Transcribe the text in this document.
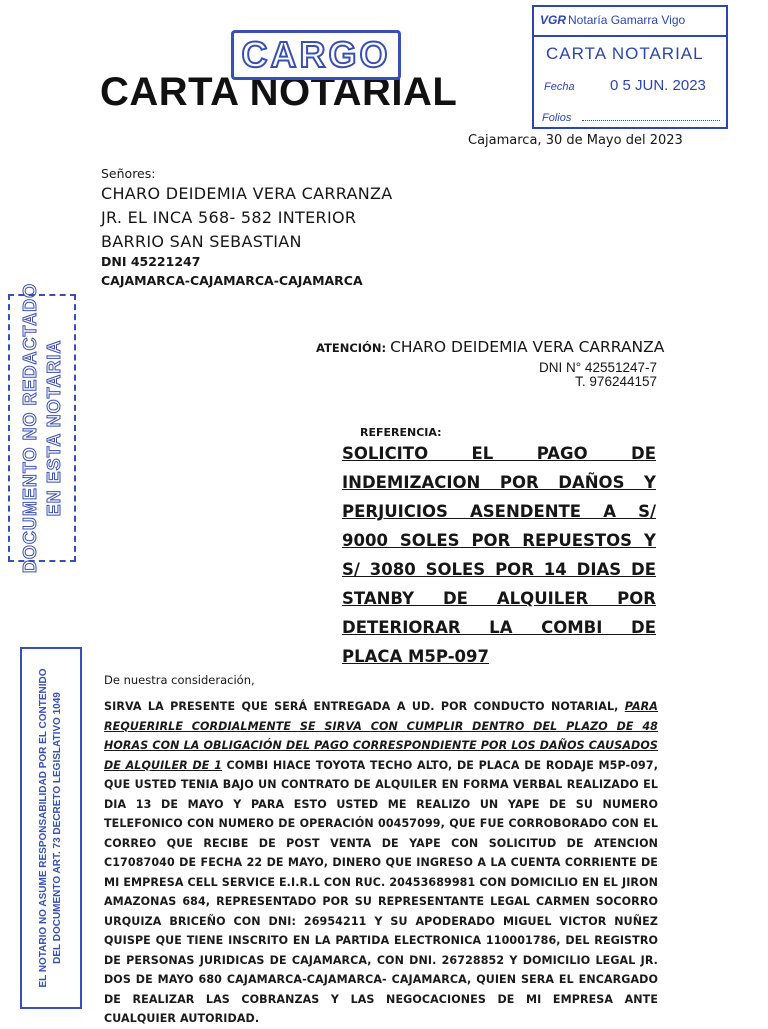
CARTA NOTARIAL
CARGO
VGR Notaría Gamarra Vigo
CARTA NOTARIAL
Fecha 0 5 JUN. 2023
Folios
Cajamarca, 30 de Mayo del 2023
Señores:
CHARO DEIDEMIA VERA CARRANZA
JR. EL INCA 568- 582 INTERIOR
BARRIO SAN SEBASTIAN
DNI 45221247
CAJAMARCA-CAJAMARCA-CAJAMARCA
ATENCIÓN: CHARO DEIDEMIA VERA CARRANZA
DNI N° 42551247-7
T. 976244157
REFERENCIA:
SOLICITO EL PAGO DE
INDEMIZACION POR DAÑOS Y
PERJUICIOS ASENDENTE A S/
9000 SOLES POR REPUESTOS Y
S/ 3080 SOLES POR 14 DIAS DE
STANBY DE ALQUILER POR
DETERIORAR LA COMBI DE
PLACA M5P-097
De nuestra consideración,
SIRVA LA PRESENTE QUE SERÁ ENTREGADA A UD. POR CONDUCTO NOTARIAL, PARA REQUERIRLE CORDIALMENTE SE SIRVA CON CUMPLIR DENTRO DEL PLAZO DE 48 HORAS CON LA OBLIGACIÓN DEL PAGO CORRESPONDIENTE POR LOS DAÑOS CAUSADOS DE ALQUILER DE 1 COMBI HIACE TOYOTA TECHO ALTO, DE PLACA DE RODAJE M5P-097, QUE USTED TENIA BAJO UN CONTRATO DE ALQUILER EN FORMA VERBAL REALIZADO EL DIA 13 DE MAYO Y PARA ESTO USTED ME REALIZO UN YAPE DE SU NUMERO TELEFONICO CON NUMERO DE OPERACIÓN 00457099, QUE FUE CORROBORADO CON EL CORREO QUE RECIBE DE POST VENTA DE YAPE CON SOLICITUD DE ATENCION C17087040 DE FECHA 22 DE MAYO, DINERO QUE INGRESO A LA CUENTA CORRIENTE DE MI EMPRESA CELL SERVICE E.I.R.L CON RUC. 20453689981 CON DOMICILIO EN EL JIRON AMAZONAS 684, REPRESENTADO POR SU REPRESENTANTE LEGAL CARMEN SOCORRO URQUIZA BRICEÑO CON DNI: 26954211 Y SU APODERADO MIGUEL VICTOR NUÑEZ QUISPE QUE TIENE INSCRITO EN LA PARTIDA ELECTRONICA 110001786, DEL REGISTRO DE PERSONAS JURIDICAS DE CAJAMARCA, CON DNI. 26728852 Y DOMICILIO LEGAL JR. DOS DE MAYO 680 CAJAMARCA-CAJAMARCA- CAJAMARCA, QUIEN SERA EL ENCARGADO DE REALIZAR LAS COBRANZAS Y LAS NEGOCACIONES DE MI EMPRESA ANTE CUALQUIER AUTORIDAD.
DOCUMENTO NO REDACTADO EN ESTA NOTARIA
EL NOTARIO NO ASUME RESPONSABILIDAD POR EL CONTENIDO DEL DOCUMENTO ART. 73 DECRETO LEGISLATIVO 1049
